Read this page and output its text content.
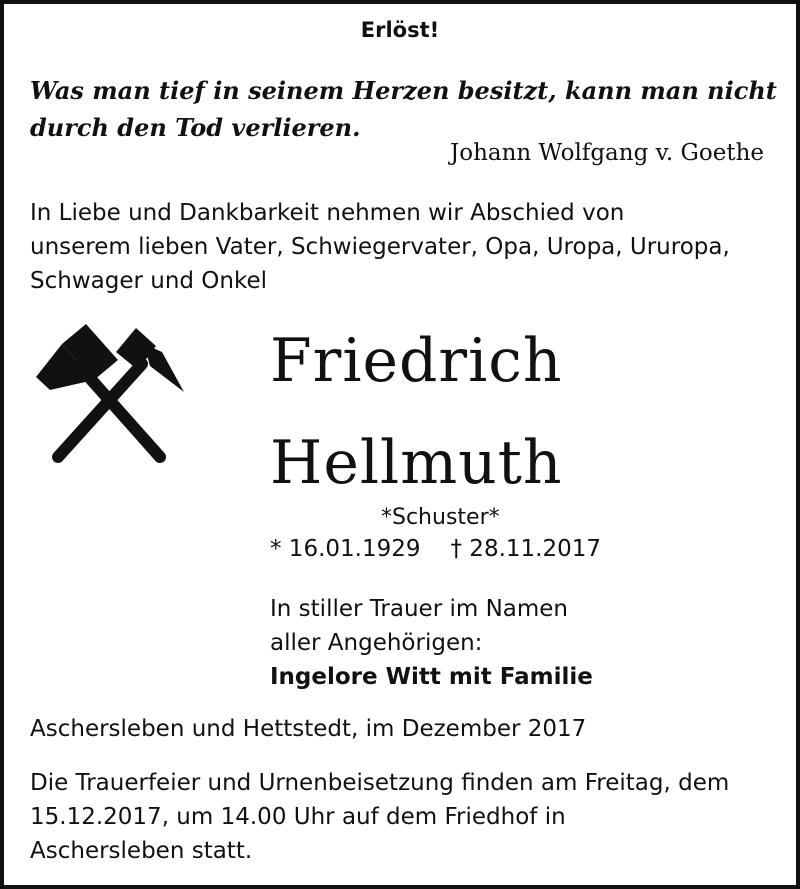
Erlöst!
Was man tief in seinem Herzen besitzt, kann man nicht
durch den Tod verlieren.
Johann Wolfgang v. Goethe
In Liebe und Dankbarkeit nehmen wir Abschied von
unserem lieben Vater, Schwiegervater, Opa, Uropa, Ururopa,
Schwager und Onkel
Friedrich
Hellmuth
*Schuster*
* 16.01.1929 † 28.11.2017
In stiller Trauer im Namen
aller Angehörigen:
Ingelore Witt mit Familie
Aschersleben und Hettstedt, im Dezember 2017
Die Trauerfeier und Urnenbeisetzung finden am Freitag, dem
15.12.2017, um 14.00 Uhr auf dem Friedhof in
Aschersleben statt.
